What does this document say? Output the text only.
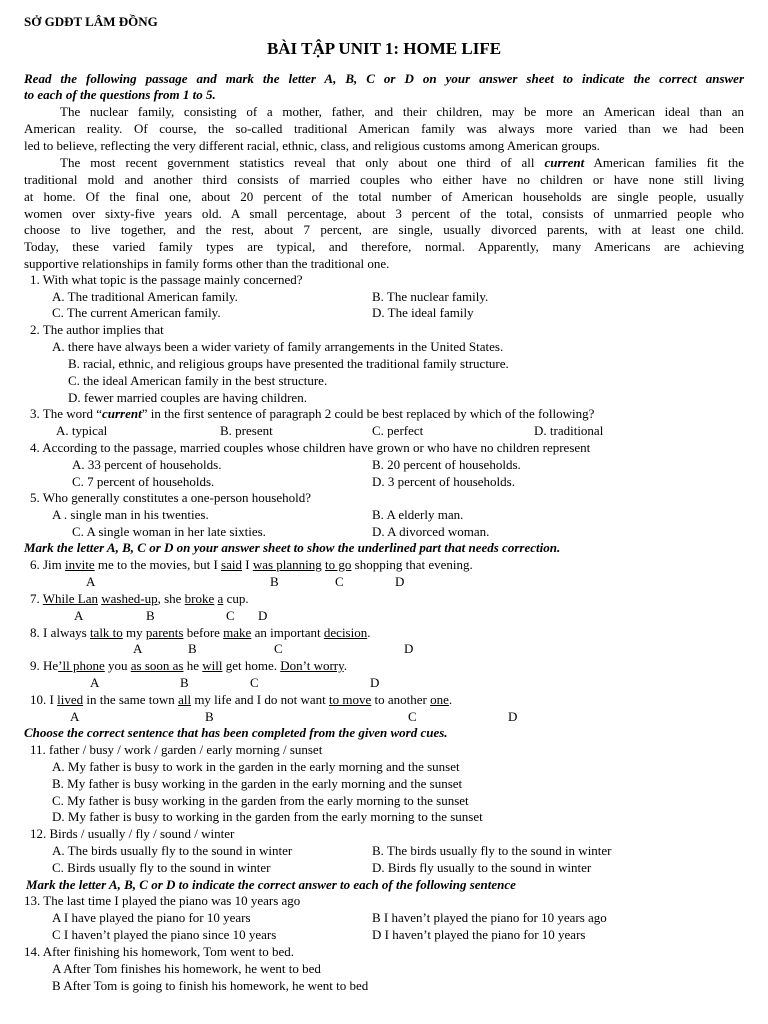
SỞ GDĐT LÂM ĐỒNG
BÀI TẬP UNIT 1: HOME LIFE
Read the following passage and mark the letter A, B, C or D on your answer sheet to indicate the correct answer
to each of the questions from 1 to 5.
The nuclear family, consisting of a mother, father, and their children, may be more an American ideal than an
American reality. Of course, the so-called traditional American family was always more varied than we had been
led to believe, reflecting the very different racial, ethnic, class, and religious customs among American groups.
The most recent government statistics reveal that only about one third of all current American families fit the
traditional mold and another third consists of married couples who either have no children or have none still living
at home. Of the final one, about 20 percent of the total number of American households are single people, usually
women over sixty-five years old. A small percentage, about 3 percent of the total, consists of unmarried people who
choose to live together, and the rest, about 7 percent, are single, usually divorced parents, with at least one child.
Today, these varied family types are typical, and therefore, normal. Apparently, many Americans are achieving
supportive relationships in family forms other than the traditional one.
1. With what topic is the passage mainly concerned?
A. The traditional American family.	B. The nuclear family.
C. The current American family.	D. The ideal family
2. The author implies that
A. there have always been a wider variety of family arrangements in the United States.
B. racial, ethnic, and religious groups have presented the traditional family structure.
C. the ideal American family in the best structure.
D. fewer married couples are having children.
3. The word “current” in the first sentence of paragraph 2 could be best replaced by which of the following?
A. typical	B. present	C. perfect	D. traditional
4. According to the passage, married couples whose children have grown or who have no children represent
A. 33 percent of households.	B. 20 percent of households.
C. 7 percent of households.	D. 3 percent of households.
5. Who generally constitutes a one-person household?
A . single man in his twenties.	B. A elderly man.
C. A single woman in her late sixties.	D. A divorced woman.
Mark the letter A, B, C or D on your answer sheet to show the underlined part that needs correction.
6. Jim invite me to the movies, but I said I was planning to go shopping that evening.
A	B	C	D
7. While Lan washed-up, she broke a cup.
A	B	C D
8. I always talk to my parents before make an important decision.
A	B	C	D
9. He’ll phone you as soon as he will get home. Don’t worry.
A	B	C	D
10. I lived in the same town all my life and I do not want to move to another one.
A	B	C	D
Choose the correct sentence that has been completed from the given word cues.
11. father / busy / work / garden / early morning / sunset
A. My father is busy to work in the garden in the early morning and the sunset
B. My father is busy working in the garden in the early morning and the sunset
C. My father is busy working in the garden from the early morning to the sunset
D. My father is busy to working in the garden from the early morning to the sunset
12. Birds / usually / fly / sound / winter
A. The birds usually fly to the sound in winter	B. The birds usually fly to the sound in winter
C. Birds usually fly to the sound in winter	D. Birds fly usually to the sound in winter
Mark the letter A, B, C or D to indicate the correct answer to each of the following sentence
13. The last time I played the piano was 10 years ago
A I have played the piano for 10 years	B I haven’t played the piano for 10 years ago
C I haven’t played the piano since 10 years	D I haven’t played the piano for 10 years
14. After finishing his homework, Tom went to bed.
A After Tom finishes his homework, he went to bed
B After Tom is going to finish his homework, he went to bed
